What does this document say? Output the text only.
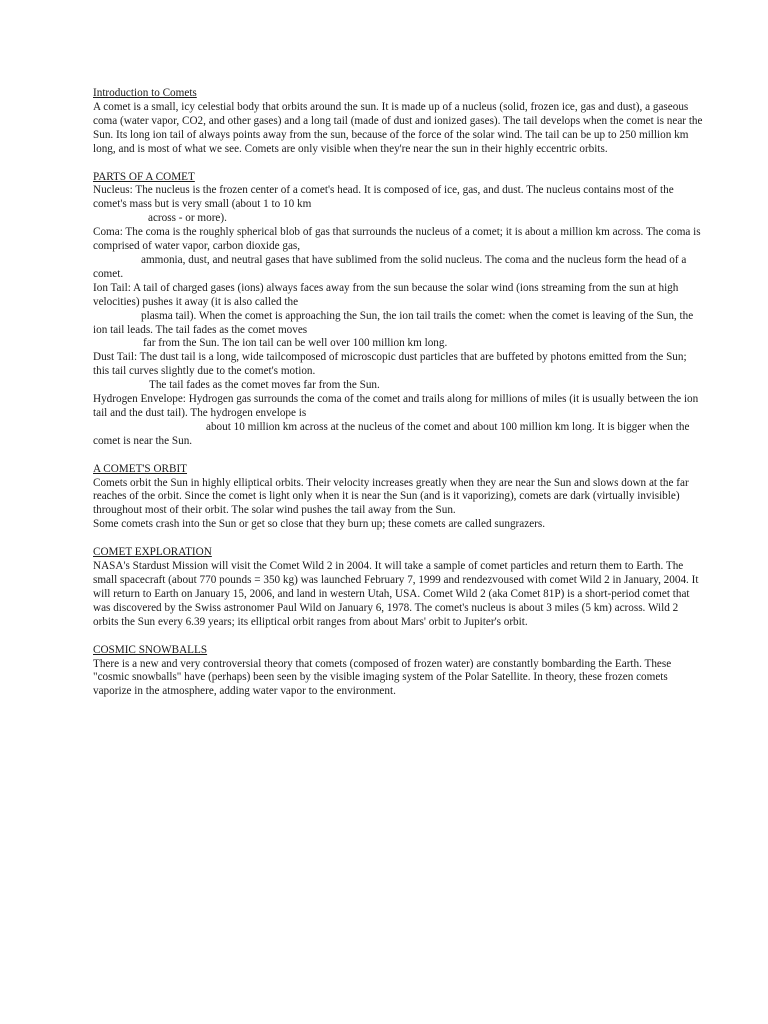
Introduction to Comets

A comet is a small, icy celestial body that orbits around the sun. It is made up of a nucleus (solid, frozen ice, gas and dust), a gaseous coma (water vapor, CO2, and other gases) and a long tail (made of dust and ionized gases). The tail develops when the comet is near the Sun. Its long ion tail of always points away from the sun, because of the force of the solar wind. The tail can be up to 250 million km long, and is most of what we see. Comets are only visible when they're near the sun in their highly eccentric orbits.

PARTS OF A COMET

Nucleus: The nucleus is the frozen center of a comet's head. It is composed of ice, gas, and dust. The nucleus contains most of the comet's mass but is very small (about 1 to 10 km

across - or more).

Coma: The coma is the roughly spherical blob of gas that surrounds the nucleus of a comet; it is about a million km across. The coma is comprised of water vapor, carbon dioxide gas,

ammonia, dust, and neutral gases that have sublimed from the solid nucleus. The coma and the nucleus form the head of a comet.

Ion Tail: A tail of charged gases (ions) always faces away from the sun because the solar wind (ions streaming from the sun at high velocities) pushes it away (it is also called the

plasma tail). When the comet is approaching the Sun, the ion tail trails the comet: when the comet is leaving of the Sun, the ion tail leads. The tail fades as the comet moves

far from the Sun. The ion tail can be well over 100 million km long.

Dust Tail: The dust tail is a long, wide tailcomposed of microscopic dust particles that are buffeted by photons emitted from the Sun; this tail curves slightly due to the comet's motion.

The tail fades as the comet moves far from the Sun.

Hydrogen Envelope: Hydrogen gas surrounds the coma of the comet and trails along for millions of miles (it is usually between the ion tail and the dust tail). The hydrogen envelope is

about 10 million km across at the nucleus of the comet and about 100 million km long. It is bigger when the comet is near the Sun.

A COMET'S ORBIT

Comets orbit the Sun in highly elliptical orbits. Their velocity increases greatly when they are near the Sun and slows down at the far reaches of the orbit. Since the comet is light only when it is near the Sun (and is it vaporizing), comets are dark (virtually invisible) throughout most of their orbit. The solar wind pushes the tail away from the Sun.

Some comets crash into the Sun or get so close that they burn up; these comets are called sungrazers.

COMET EXPLORATION

NASA's Stardust Mission will visit the Comet Wild 2 in 2004. It will take a sample of comet particles and return them to Earth. The small spacecraft (about 770 pounds = 350 kg) was launched February 7, 1999 and rendezvoused with comet Wild 2 in January, 2004. It will return to Earth on January 15, 2006, and land in western Utah, USA. Comet Wild 2 (aka Comet 81P) is a short-period comet that was discovered by the Swiss astronomer Paul Wild on January 6, 1978. The comet's nucleus is about 3 miles (5 km) across. Wild 2 orbits the Sun every 6.39 years; its elliptical orbit ranges from about Mars' orbit to Jupiter's orbit.

COSMIC SNOWBALLS

There is a new and very controversial theory that comets (composed of frozen water) are constantly bombarding the Earth. These "cosmic snowballs" have (perhaps) been seen by the visible imaging system of the Polar Satellite. In theory, these frozen comets vaporize in the atmosphere, adding water vapor to the environment.
